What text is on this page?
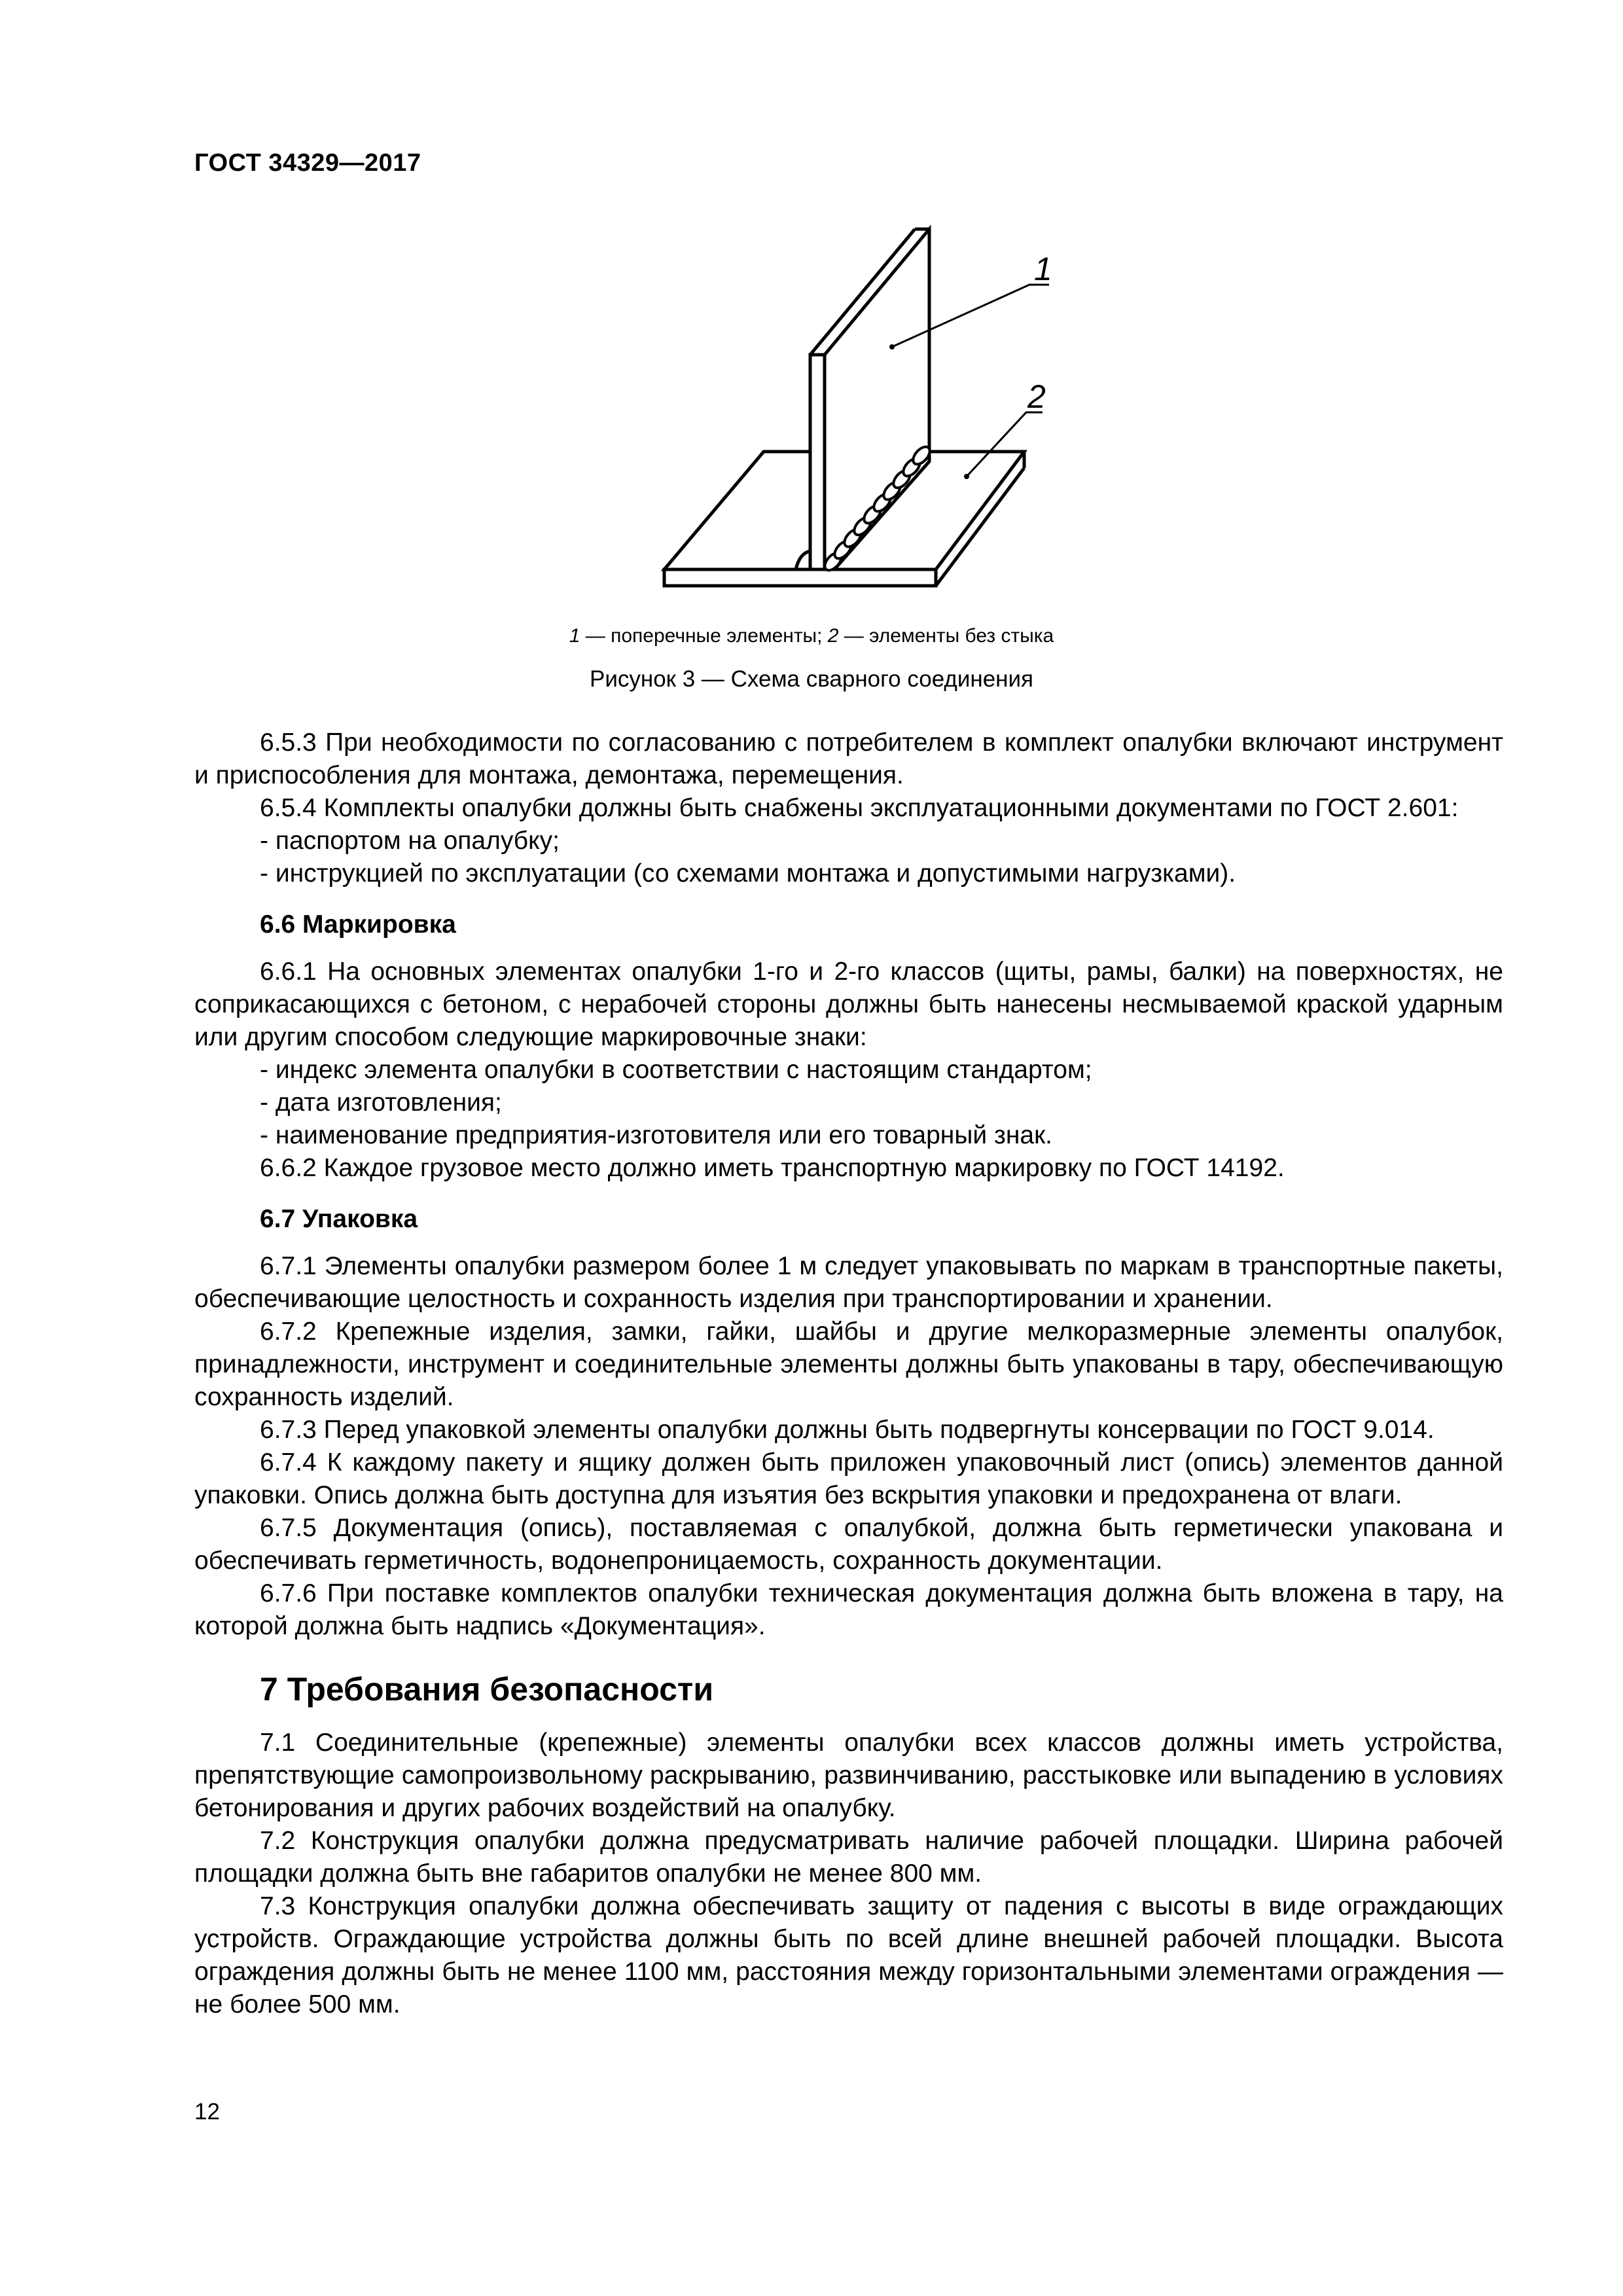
ГОСТ 34329—2017
1
2
1 — поперечные элементы; 2 — элементы без стыка
Рисунок 3 — Схема сварного соединения

6.5.3 При необходимости по согласованию с потребителем в комплект опалубки включают инструмент и приспособления для монтажа, демонтажа, перемещения.

6.5.4 Комплекты опалубки должны быть снабжены эксплуатационными документами по ГОСТ 2.601:

- паспортом на опалубку;

- инструкцией по эксплуатации (со схемами монтажа и допустимыми нагрузками).

6.6 Маркировка

6.6.1 На основных элементах опалубки 1-го и 2-го классов (щиты, рамы, балки) на поверхностях, не соприкасающихся с бетоном, с нерабочей стороны должны быть нанесены несмываемой краской ударным или другим способом следующие маркировочные знаки:

- индекс элемента опалубки в соответствии с настоящим стандартом;

- дата изготовления;

- наименование предприятия-изготовителя или его товарный знак.

6.6.2 Каждое грузовое место должно иметь транспортную маркировку по ГОСТ 14192.

6.7 Упаковка

6.7.1 Элементы опалубки размером более 1 м следует упаковывать по маркам в транспортные пакеты, обеспечивающие целостность и сохранность изделия при транспортировании и хранении.

6.7.2 Крепежные изделия, замки, гайки, шайбы и другие мелкоразмерные элементы опалубок, принадлежности, инструмент и соединительные элементы должны быть упакованы в тару, обеспечивающую сохранность изделий.

6.7.3 Перед упаковкой элементы опалубки должны быть подвергнуты консервации по ГОСТ 9.014.

6.7.4 К каждому пакету и ящику должен быть приложен упаковочный лист (опись) элементов данной упаковки. Опись должна быть доступна для изъятия без вскрытия упаковки и предохранена от влаги.

6.7.5 Документация (опись), поставляемая с опалубкой, должна быть герметически упакована и обеспечивать герметичность, водонепроницаемость, сохранность документации.

6.7.6 При поставке комплектов опалубки техническая документация должна быть вложена в тару, на которой должна быть надпись «Документация».

7 Требования безопасности

7.1 Соединительные (крепежные) элементы опалубки всех классов должны иметь устройства, препятствующие самопроизвольному раскрыванию, развинчиванию, расстыковке или выпадению в условиях бетонирования и других рабочих воздействий на опалубку.

7.2 Конструкция опалубки должна предусматривать наличие рабочей площадки. Ширина рабочей площадки должна быть вне габаритов опалубки не менее 800 мм.

7.3 Конструкция опалубки должна обеспечивать защиту от падения с высоты в виде ограждающих устройств. Ограждающие устройства должны быть по всей длине внешней рабочей площадки. Высота ограждения должны быть не менее 1100 мм, расстояния между горизонтальными элементами ограждения — не более 500 мм.

12
